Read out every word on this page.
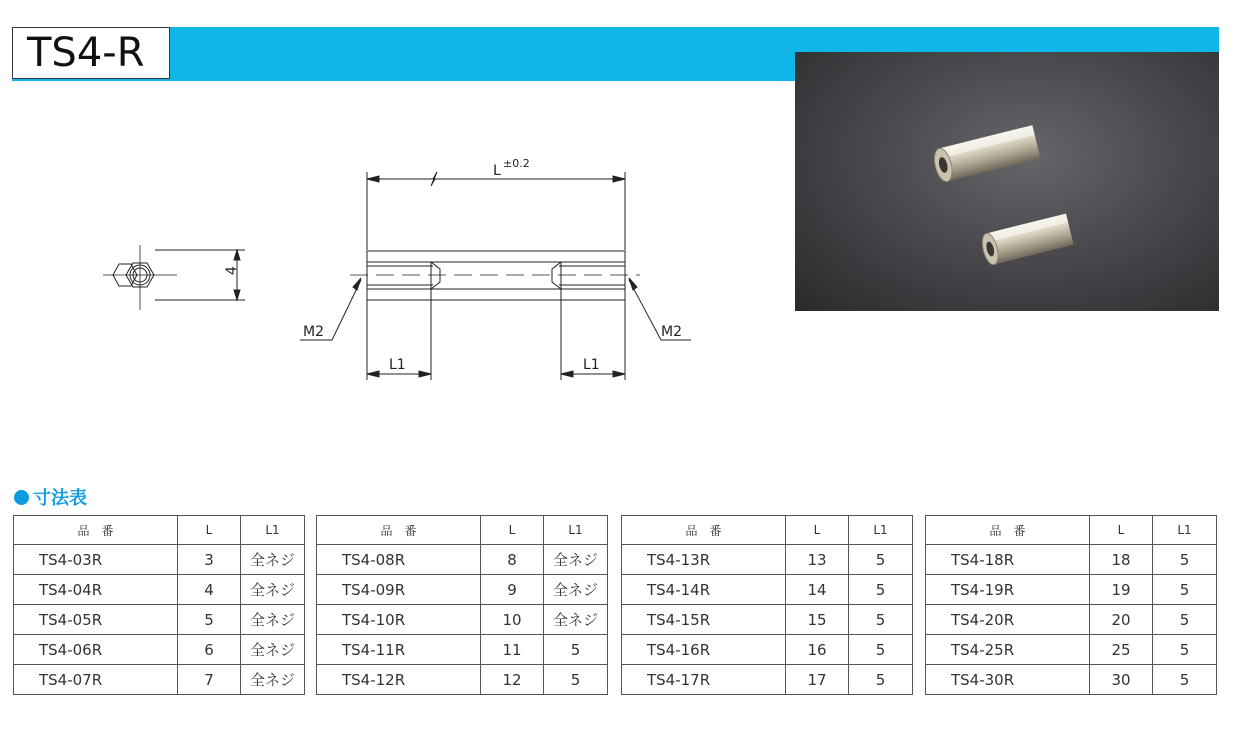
TS4-R
L ±0.2
4
M2	M2
L1	L1
寸法表
品　番	L	L1
TS4-03R	3	全ネジ
TS4-04R	4	全ネジ
TS4-05R	5	全ネジ
TS4-06R	6	全ネジ
TS4-07R	7	全ネジ
品　番	L	L1
TS4-08R	8	全ネジ
TS4-09R	9	全ネジ
TS4-10R	10	全ネジ
TS4-11R	11	5
TS4-12R	12	5
品　番	L	L1
TS4-13R	13	5
TS4-14R	14	5
TS4-15R	15	5
TS4-16R	16	5
TS4-17R	17	5
品　番	L	L1
TS4-18R	18	5
TS4-19R	19	5
TS4-20R	20	5
TS4-25R	25	5
TS4-30R	30	5
